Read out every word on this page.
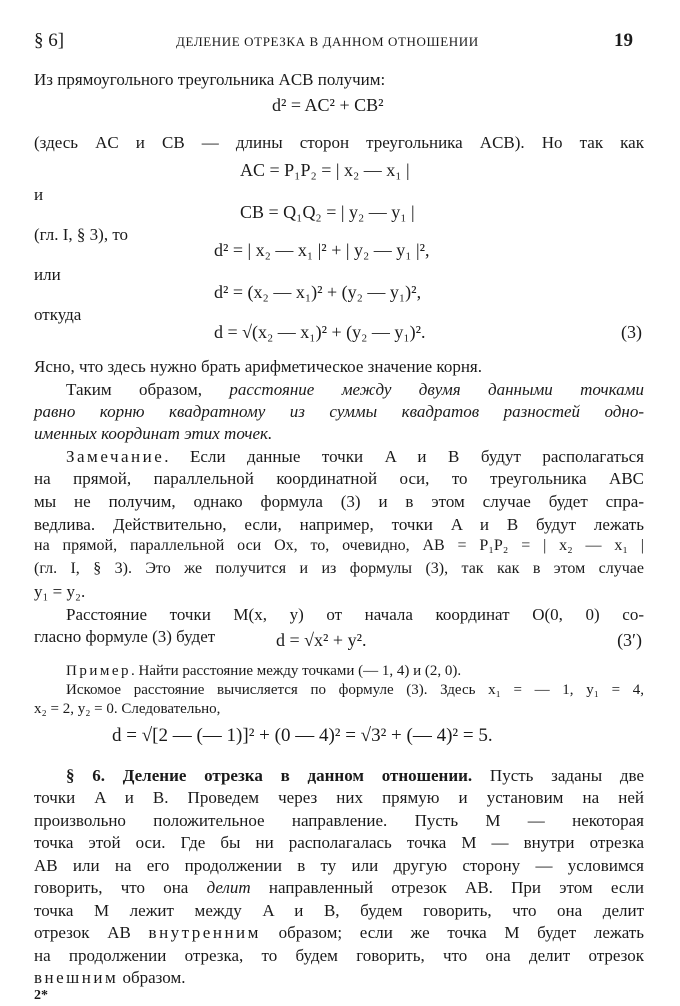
§ 6]	ДЕЛЕНИЕ ОТРЕЗКА В ДАННОМ ОТНОШЕНИИ	19
Из прямоугольного треугольника ACB получим:
d² = AC² + CB²
(здесь AC и CB — длины сторон треугольника ACB). Но так как
AC = P₁P₂ = | x₂ — x₁ |
и
CB = Q₁Q₂ = | y₂ — y₁ |
(гл. I, § 3), то
d² = | x₂ — x₁ |² + | y₂ — y₁ |²,
или
d² = (x₂ — x₁)² + (y₂ — y₁)²,
откуда
d = √(x₂ — x₁)² + (y₂ — y₁)².	(3)
Ясно, что здесь нужно брать арифметическое значение корня.
Таким образом, расстояние между двумя данными точками
равно корню квадратному из суммы квадратов разностей одно-
именных координат этих точек.
Замечание. Если данные точки A и B будут располагаться
на прямой, параллельной координатной оси, то треугольника ABC
мы не получим, однако формула (3) и в этом случае будет спра-
ведлива. Действительно, если, например, точки A и B будут лежать
на прямой, параллельной оси Ox, то, очевидно, AB = P₁P₂ = | x₂ — x₁ |
(гл. I, § 3). Это же получится и из формулы (3), так как в этом случае
y₁ = y₂.
Расстояние точки M(x, y) от начала координат O(0, 0) со-
гласно формуле (3) будет	d = √x² + y².	(3′)
Пример. Найти расстояние между точками (— 1, 4) и (2, 0).
Искомое расстояние вычисляется по формуле (3). Здесь x₁ = — 1, y₁ = 4,
x₂ = 2, y₂ = 0. Следовательно,
d = √[2 — (— 1)]² + (0 — 4)² = √3² + (— 4)² = 5.
§ 6. Деление отрезка в данном отношении. Пусть заданы две
точки A и B. Проведем через них прямую и установим на ней
произвольно положительное направление. Пусть M — некоторая
точка этой оси. Где бы ни располагалась точка M — внутри отрезка
AB или на его продолжении в ту или другую сторону — условимся
говорить, что она делит направленный отрезок AB. При этом если
точка M лежит между A и B, будем говорить, что она делит
отрезок AB внутренним образом; если же точка M будет лежать
на продолжении отрезка, то будем говорить, что она делит отрезок
внешним образом.
2*
